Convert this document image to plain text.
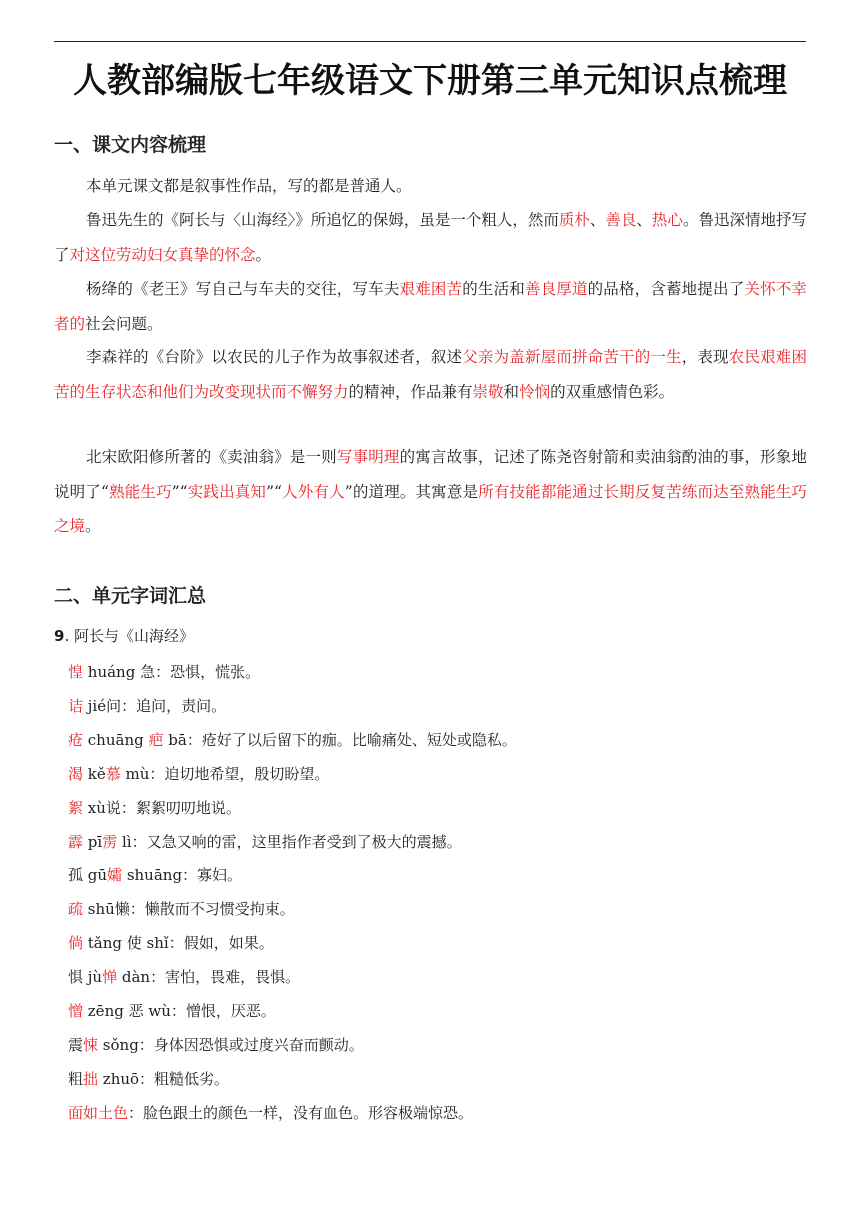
人教部编版七年级语文下册第三单元知识点梳理
一、课文内容梳理

本单元课文都是叙事性作品，写的都是普通人。

鲁迅先生的《阿长与〈山海经〉》所追忆的保姆，虽是一个粗人，然而质朴、善良、热心。鲁迅深情地抒写了对这位劳动妇女真挚的怀念。

杨绛的《老王》写自己与车夫的交往，写车夫艰难困苦的生活和善良厚道的品格，含蓄地提出了关怀不幸者的社会问题。

李森祥的《台阶》以农民的儿子作为故事叙述者，叙述父亲为盖新屋而拼命苦干的一生，表现农民艰难困苦的生存状态和他们为改变现状而不懈努力的精神，作品兼有崇敬和怜悯的双重感情色彩。

北宋欧阳修所著的《卖油翁》是一则写事明理的寓言故事，记述了陈尧咨射箭和卖油翁酌油的事，形象地说明了“熟能生巧”“实践出真知”“人外有人”的道理。其寓意是所有技能都能通过长期反复苦练而达至熟能生巧之境。

二、单元字词汇总

9. 阿长与《山海经》

惶 huáng 急：恐惧，慌张。
诘 jié问：追问，责问。
疮 chuāng 疤 bā：疮好了以后留下的痂。比喻痛处、短处或隐私。
渴 kě慕 mù：迫切地希望，殷切盼望。
絮 xù说：絮絮叨叨地说。
霹 pī雳 lì：又急又响的雷，这里指作者受到了极大的震撼。
孤 gū孀 shuāng：寡妇。
疏 shū懒：懒散而不习惯受拘束。
倘 tǎng 使 shǐ：假如，如果。
惧 jù惮 dàn：害怕，畏难，畏惧。
憎 zēng 恶 wù：憎恨，厌恶。
震悚 sǒng：身体因恐惧或过度兴奋而颤动。
粗拙 zhuō：粗糙低劣。
面如土色：脸色跟土的颜色一样，没有血色。形容极端惊恐。
